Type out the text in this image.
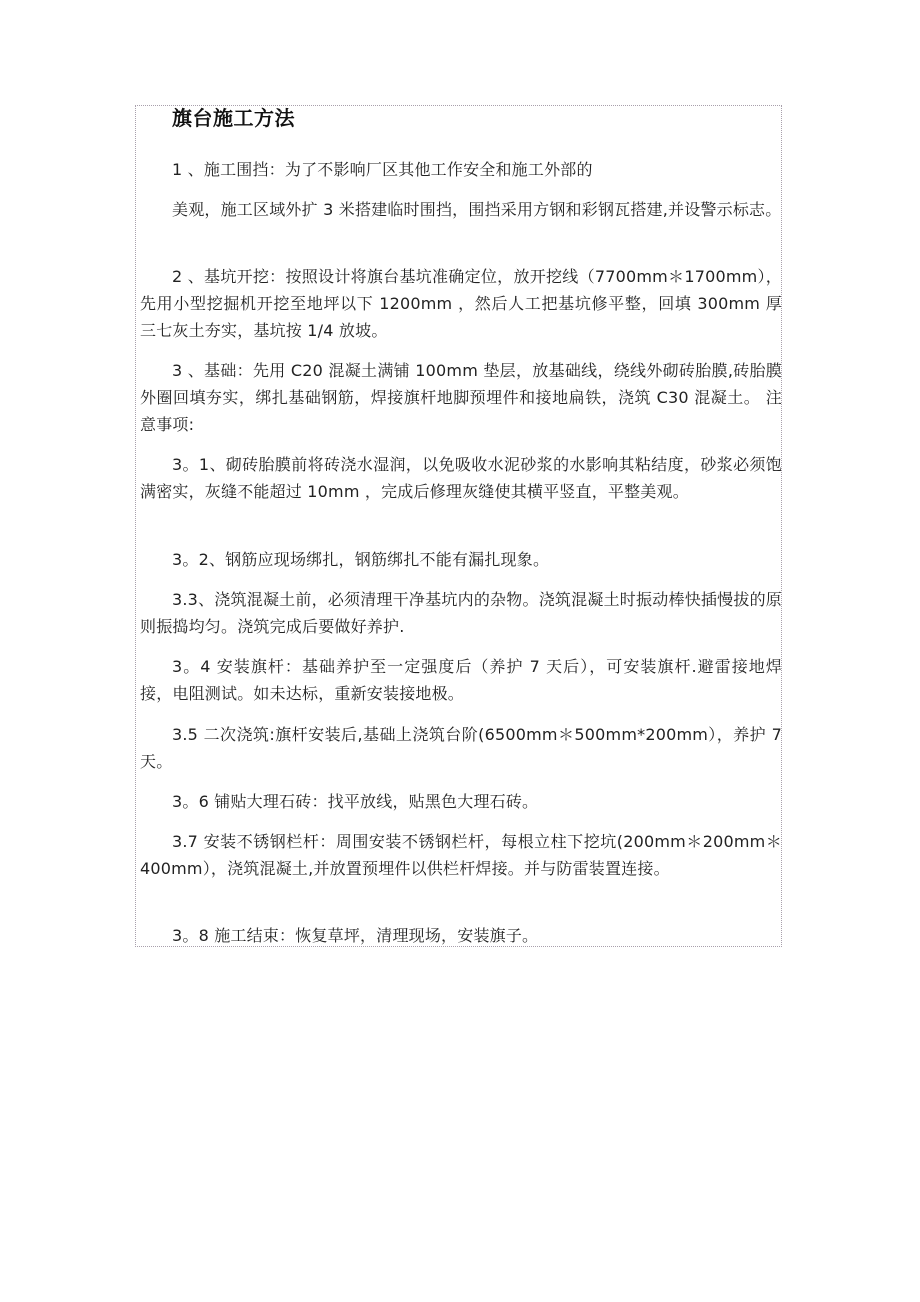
旗台施工方法
1 、施工围挡：为了不影响厂区其他工作安全和施工外部的
美观，施工区域外扩 3 米搭建临时围挡，围挡采用方钢和彩钢瓦搭建,并设警示标志。
2 、基坑开挖：按照设计将旗台基坑准确定位，放开挖线（7700mm＊1700mm），先用小型挖掘机开挖至地坪以下 1200mm ，然后人工把基坑修平整，回填 300mm 厚三七灰土夯实，基坑按 1/4 放坡。
3 、基础：先用 C20 混凝土满铺 100mm 垫层，放基础线，绕线外砌砖胎膜,砖胎膜外圈回填夯实，绑扎基础钢筋，焊接旗杆地脚预埋件和接地扁铁，浇筑 C30 混凝土。 注意事项:
3。1、砌砖胎膜前将砖浇水湿润，以免吸收水泥砂浆的水影响其粘结度，砂浆必须饱满密实，灰缝不能超过 10mm ，完成后修理灰缝使其横平竖直，平整美观。
3。2、钢筋应现场绑扎，钢筋绑扎不能有漏扎现象。
3.3、浇筑混凝土前，必须清理干净基坑内的杂物。浇筑混凝土时振动棒快插慢拔的原则振捣均匀。浇筑完成后要做好养护.
3。4 安装旗杆：基础养护至一定强度后（养护 7 天后），可安装旗杆.避雷接地焊接，电阻测试。如未达标，重新安装接地极。
3.5 二次浇筑:旗杆安装后,基础上浇筑台阶(6500mm＊500mm*200mm），养护 7 天。
3。6 铺贴大理石砖：找平放线，贴黑色大理石砖。
3.7 安装不锈钢栏杆：周围安装不锈钢栏杆，每根立柱下挖坑(200mm＊200mm＊400mm），浇筑混凝土,并放置预埋件以供栏杆焊接。并与防雷装置连接。
3。8 施工结束：恢复草坪，清理现场，安装旗子。
